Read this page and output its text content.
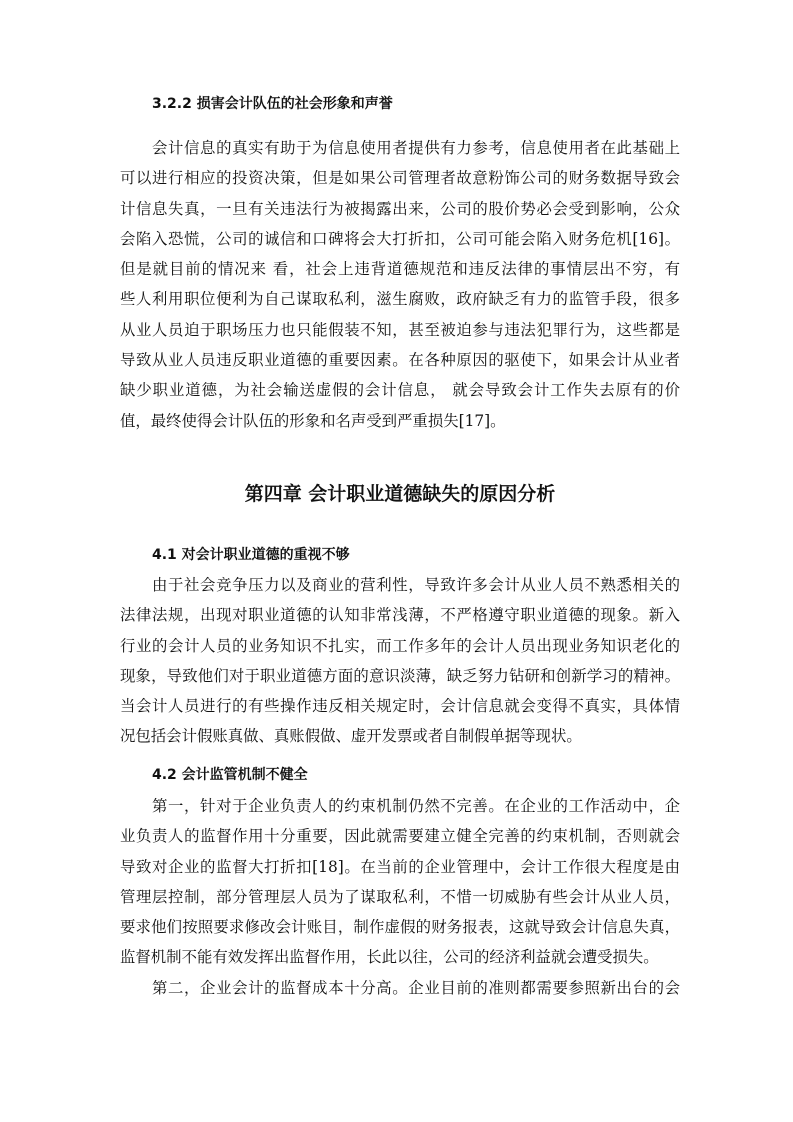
3.2.2 损害会计队伍的社会形象和声誉
会计信息的真实有助于为信息使用者提供有力参考，信息使用者在此基础上
可以进行相应的投资决策，但是如果公司管理者故意粉饰公司的财务数据导致会
计信息失真，一旦有关违法行为被揭露出来，公司的股价势必会受到影响，公众
会陷入恐慌，公司的诚信和口碑将会大打折扣，公司可能会陷入财务危机[16]。
但是就目前的情况来 看，社会上违背道德规范和违反法律的事情层出不穷，有
些人利用职位便利为自己谋取私利，滋生腐败，政府缺乏有力的监管手段，很多
从业人员迫于职场压力也只能假装不知，甚至被迫参与违法犯罪行为，这些都是
导致从业人员违反职业道德的重要因素。在各种原因的驱使下，如果会计从业者
缺少职业道德，为社会输送虚假的会计信息， 就会导致会计工作失去原有的价
值，最终使得会计队伍的形象和名声受到严重损失[17]。
第四章 会计职业道德缺失的原因分析
4.1 对会计职业道德的重视不够
由于社会竞争压力以及商业的营利性，导致许多会计从业人员不熟悉相关的
法律法规，出现对职业道德的认知非常浅薄，不严格遵守职业道德的现象。新入
行业的会计人员的业务知识不扎实，而工作多年的会计人员出现业务知识老化的
现象，导致他们对于职业道德方面的意识淡薄，缺乏努力钻研和创新学习的精神。
当会计人员进行的有些操作违反相关规定时，会计信息就会变得不真实，具体情
况包括会计假账真做、真账假做、虚开发票或者自制假单据等现状。
4.2 会计监管机制不健全
第一，针对于企业负责人的约束机制仍然不完善。在企业的工作活动中，企
业负责人的监督作用十分重要，因此就需要建立健全完善的约束机制，否则就会
导致对企业的监督大打折扣[18]。在当前的企业管理中，会计工作很大程度是由
管理层控制，部分管理层人员为了谋取私利，不惜一切威胁有些会计从业人员，
要求他们按照要求修改会计账目，制作虚假的财务报表，这就导致会计信息失真，
监督机制不能有效发挥出监督作用，长此以往，公司的经济利益就会遭受损失。
第二，企业会计的监督成本十分高。企业目前的准则都需要参照新出台的会
